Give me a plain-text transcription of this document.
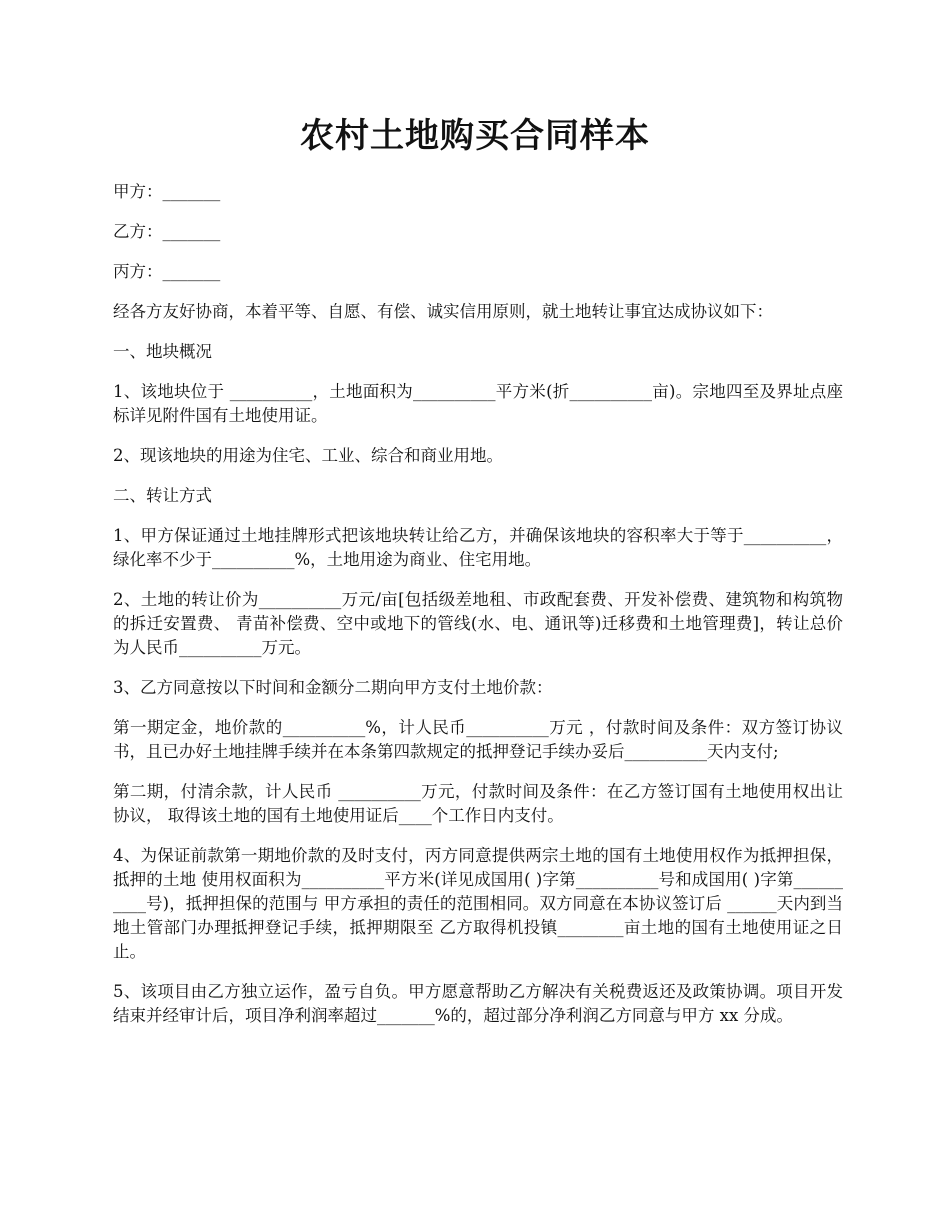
农村土地购买合同样本

甲方：_______

乙方：_______

丙方：_______

经各方友好协商，本着平等、自愿、有偿、诚实信用原则，就土地转让事宜达成协议如下：

一、地块概况

1、该地块位于 __________，土地面积为__________平方米(折__________亩)。宗地四至及界址点座标详见附件国有土地使用证。

2、现该地块的用途为住宅、工业、综合和商业用地。

二、转让方式

1、甲方保证通过土地挂牌形式把该地块转让给乙方，并确保该地块的容积率大于等于__________，绿化率不少于__________%，土地用途为商业、住宅用地。

2、土地的转让价为__________万元/亩[包括级差地租、市政配套费、开发补偿费、建筑物和构筑物的拆迁安置费、 青苗补偿费、空中或地下的管线(水、电、通讯等)迁移费和土地管理费]，转让总价为人民币__________万元。

3、乙方同意按以下时间和金额分二期向甲方支付土地价款：

第一期定金，地价款的__________%，计人民币__________万元 ，付款时间及条件：双方签订协议书，且已办好土地挂牌手续并在本条第四款规定的抵押登记手续办妥后__________天内支付;

第二期，付清余款，计人民币 __________万元，付款时间及条件：在乙方签订国有土地使用权出让协议， 取得该土地的国有土地使用证后____个工作日内支付。

4、为保证前款第一期地价款的及时支付，丙方同意提供两宗土地的国有土地使用权作为抵押担保，抵押的土地 使用权面积为__________平方米(详见成国用( )字第__________号和成国用( )字第__________号)，抵押担保的范围与 甲方承担的责任的范围相同。双方同意在本协议签订后 ______天内到当地土管部门办理抵押登记手续，抵押期限至 乙方取得机投镇________亩土地的国有土地使用证之日止。

5、该项目由乙方独立运作，盈亏自负。甲方愿意帮助乙方解决有关税费返还及政策协调。项目开发结束并经审计后，项目净利润率超过_______%的，超过部分净利润乙方同意与甲方 xx 分成。
